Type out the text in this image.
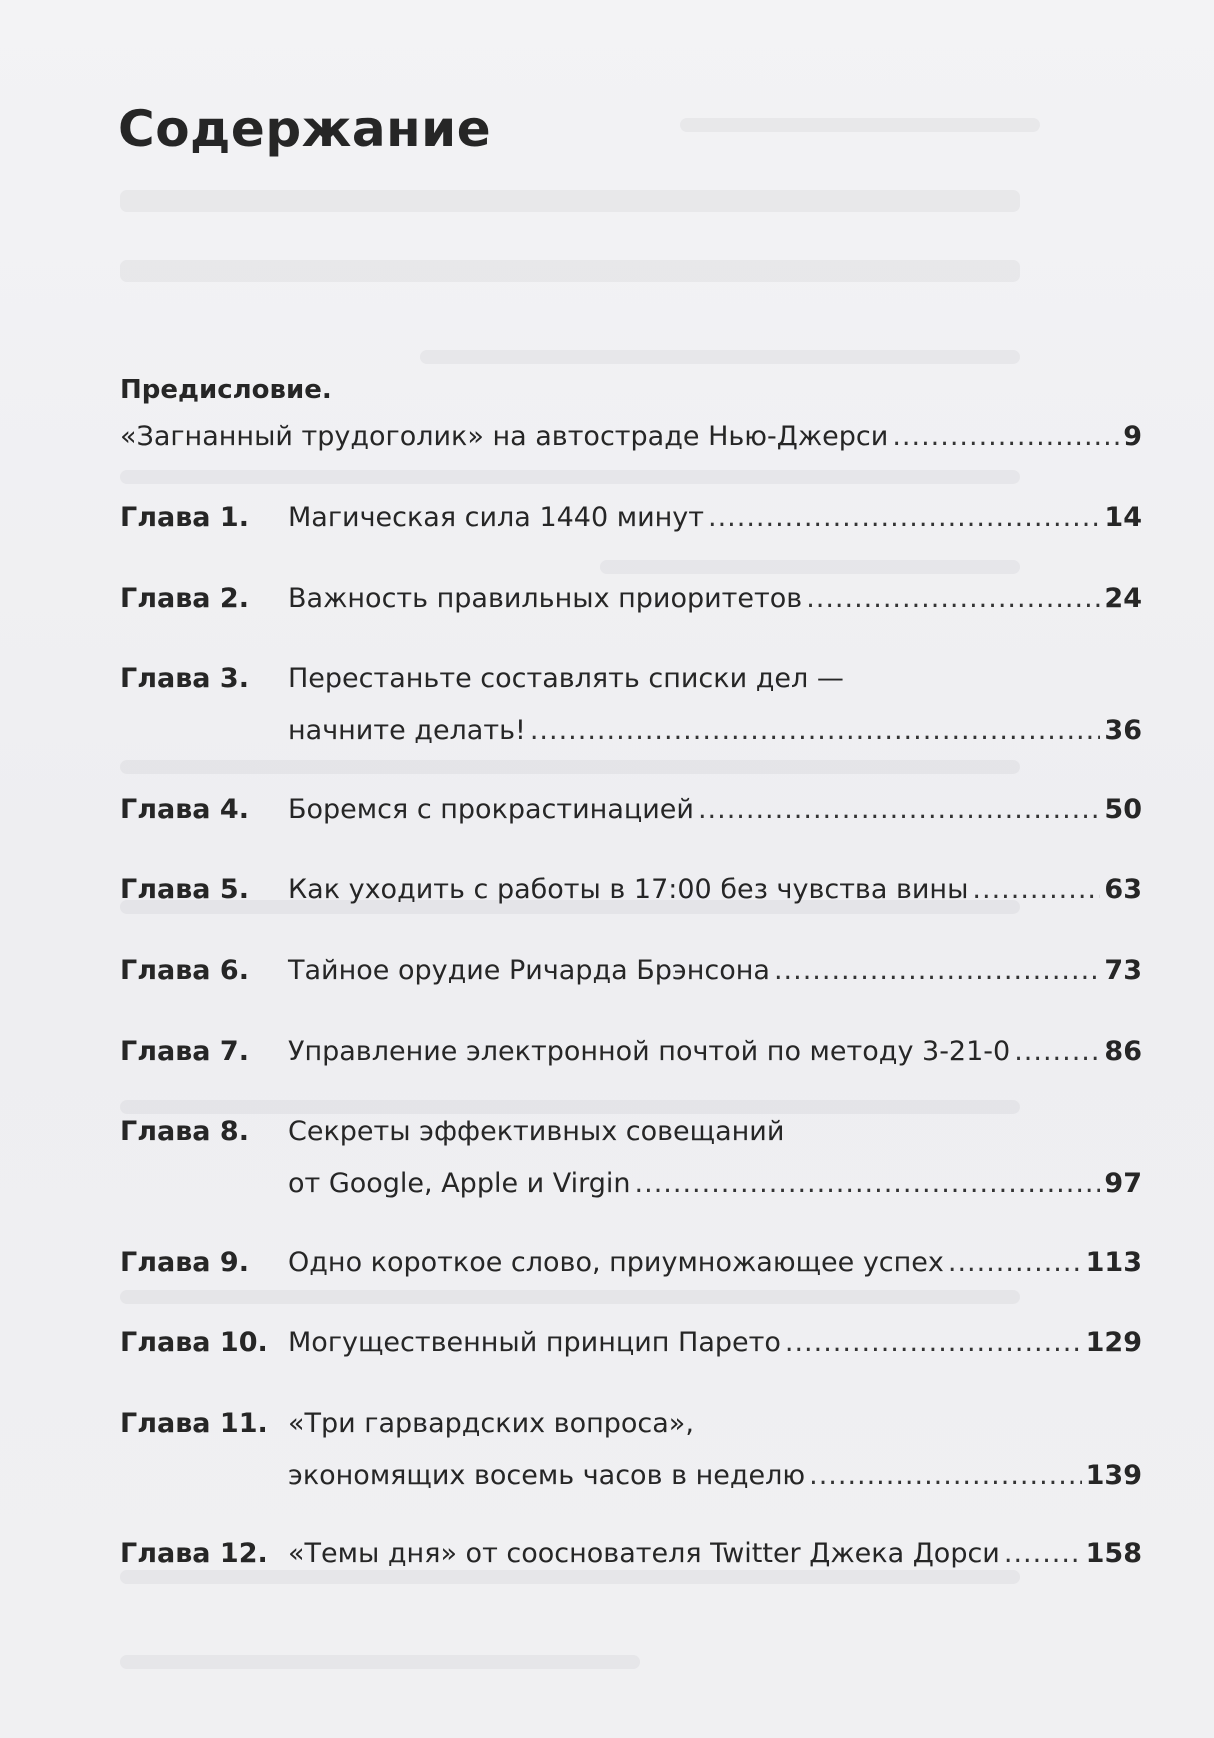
Содержание
Предисловие.
«Загнанный трудоголик» на автостраде Нью-Джерси .....	9
Глава 1.	Магическая сила 1440 минут .....	14
Глава 2.	Важность правильных приоритетов .....	24
Глава 3.	Перестаньте составлять списки дел —
начните делать! .....	36
Глава 4.	Боремся с прокрастинацией .....	50
Глава 5.	Как уходить с работы в 17:00 без чувства вины .....	63
Глава 6.	Тайное орудие Ричарда Брэнсона .....	73
Глава 7.	Управление электронной почтой по методу 3-21-0 .....	86
Глава 8.	Секреты эффективных совещаний
от Google, Apple и Virgin .....	97
Глава 9.	Одно короткое слово, приумножающее успех .....	113
Глава 10. Могущественный принцип Парето .....	129
Глава 11. «Три гарвардских вопроса»,
экономящих восемь часов в неделю .....	139
Глава 12. «Темы дня» от сооснователя Twitter Джека Дорси .....	158
